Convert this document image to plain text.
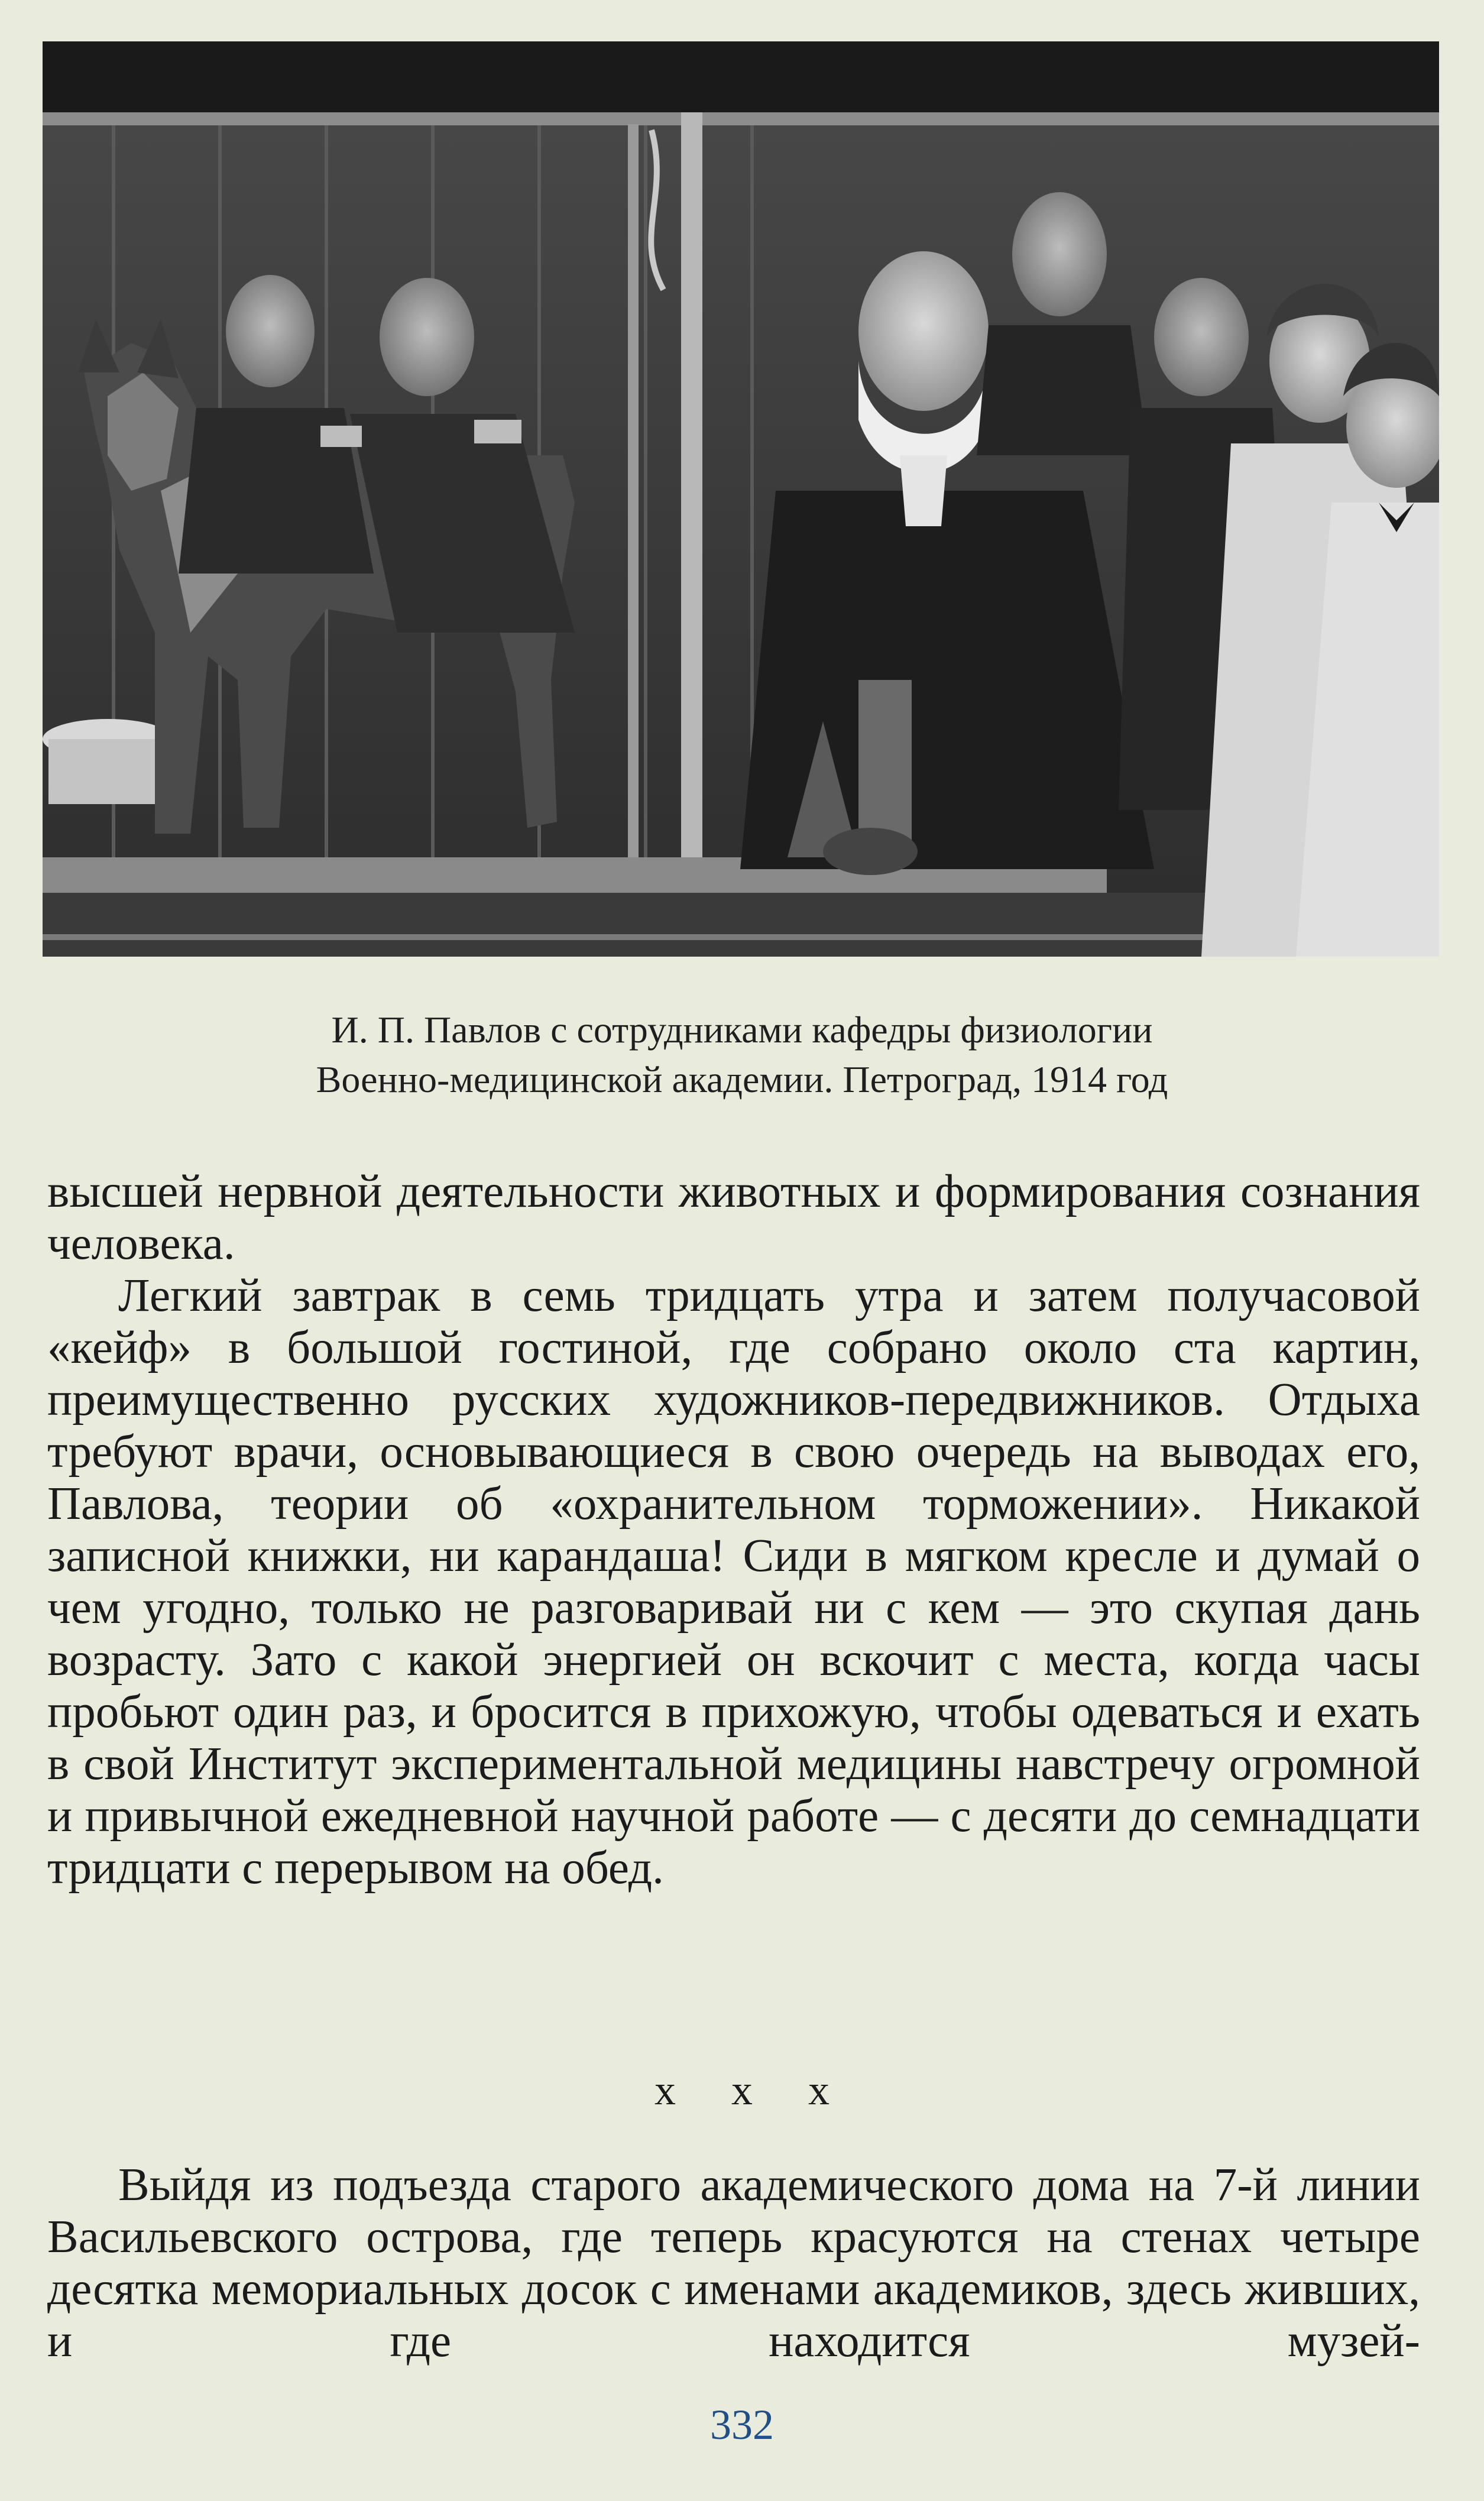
И. П. Павлов с сотрудниками кафедры физиологии
Военно-медицинской академии. Петроград, 1914 год

высшей нервной деятельности животных и формирования сознания человека.

Легкий завтрак в семь тридцать утра и затем получасовой «кейф» в большой гостиной, где собрано около ста картин, преимущественно русских художников-передвижников. Отдыха требуют врачи, основывающиеся в свою очередь на выводах его, Павлова, теории об «охранительном торможении». Никакой записной книжки, ни карандаша! Сиди в мягком кресле и думай о чем угодно, только не разговаривай ни с кем — это скупая дань возрасту. Зато с какой энергией он вскочит с места, когда часы пробьют один раз, и бросится в прихожую, чтобы одеваться и ехать в свой Институт экспериментальной медицины навстречу огромной и привычной ежедневной научной работе — с десяти до семнадцати тридцати с перерывом на обед.

x x x

Выйдя из подъезда старого академического дома на 7-й линии Васильевского острова, где теперь красуются на стенах четыре десятка мемориальных досок с именами академиков, здесь живших, и где находится музей-

332
